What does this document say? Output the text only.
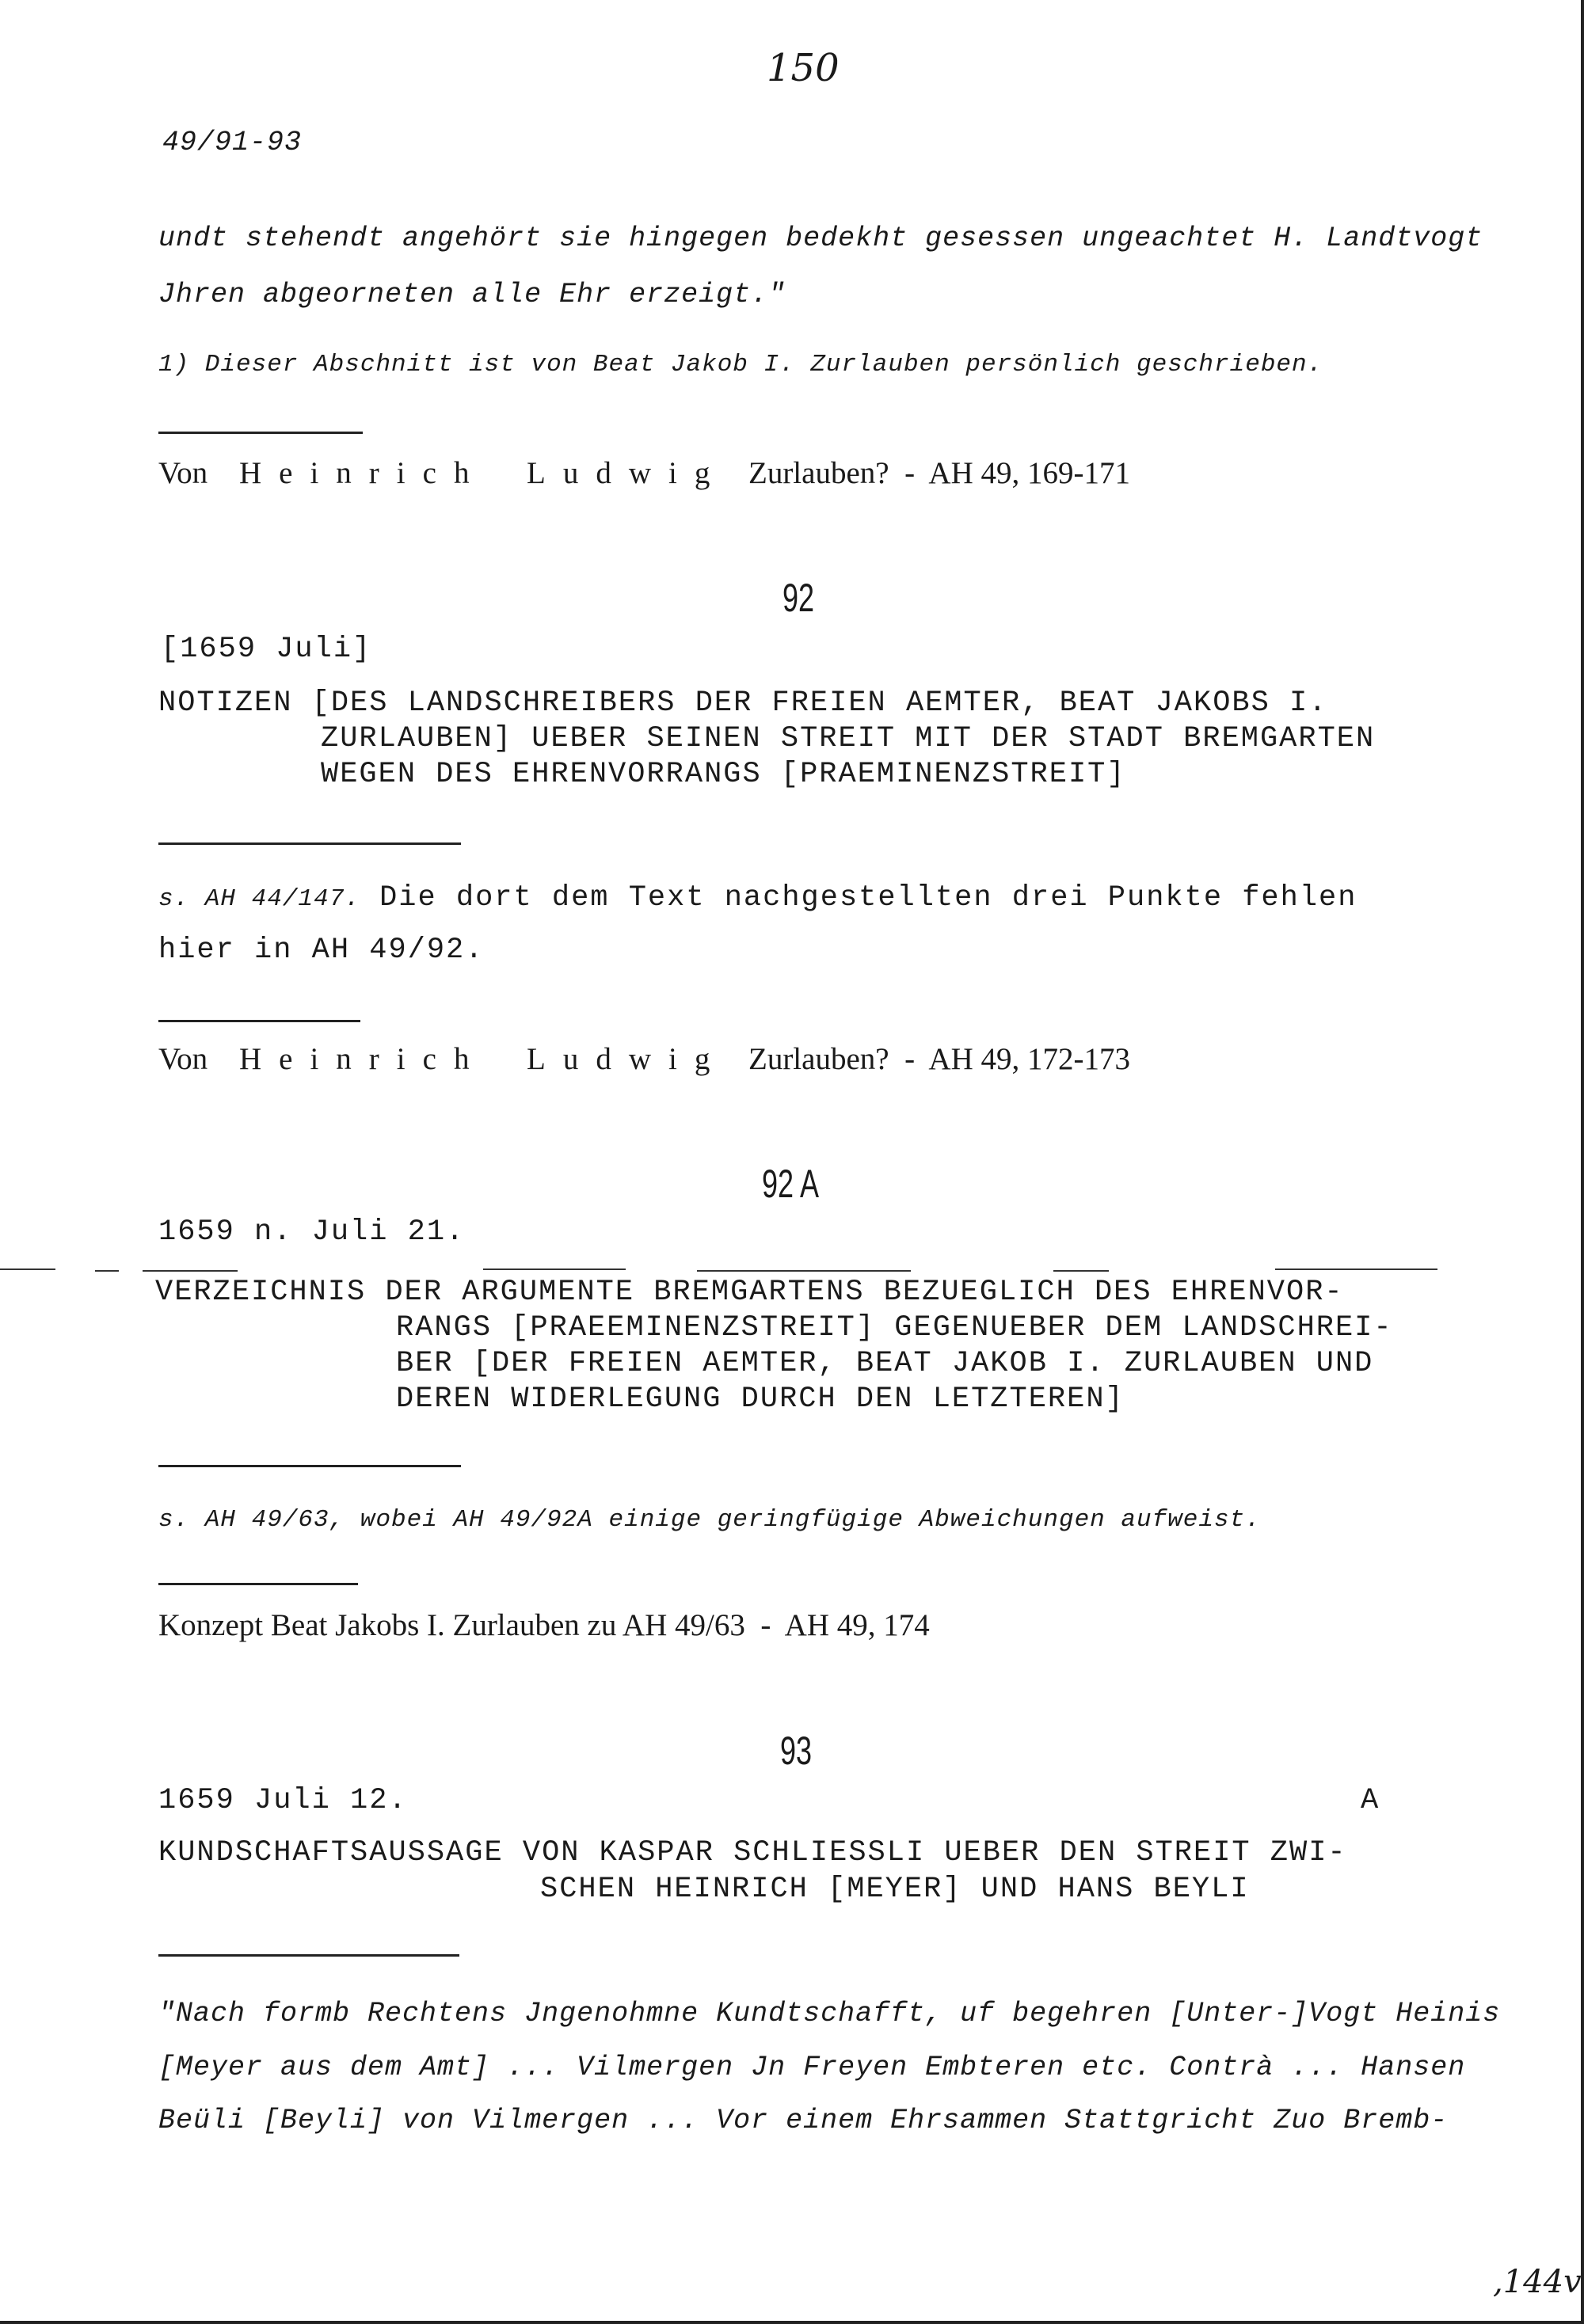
150
49/91-93
undt stehendt angehört sie hingegen bedekht gesessen ungeachtet H. Landtvogt
Jhren abgeorneten alle Ehr erzeigt."
1) Dieser Abschnitt ist von Beat Jakob I. Zurlauben persönlich geschrieben.
Von Heinrich Ludwig Zurlauben?  -  AH 49, 169-171
92
[1659 Juli]
NOTIZEN [DES LANDSCHREIBERS DER FREIEN AEMTER, BEAT JAKOBS I.
ZURLAUBEN] UEBER SEINEN STREIT MIT DER STADT BREMGARTEN
WEGEN DES EHRENVORRANGS [PRAEMINENZSTREIT]
s. AH 44/147. Die dort dem Text nachgestellten drei Punkte fehlen
hier in AH 49/92.
Von Heinrich Ludwig Zurlauben?  -  AH 49, 172-173
92 A
1659 n. Juli 21.
VERZEICHNIS DER ARGUMENTE BREMGARTENS BEZUEGLICH DES EHRENVOR-
RANGS [PRAEEMINENZSTREIT] GEGENUEBER DEM LANDSCHREI-
BER [DER FREIEN AEMTER, BEAT JAKOB I. ZURLAUBEN UND
DEREN WIDERLEGUNG DURCH DEN LETZTEREN]
s. AH 49/63, wobei AH 49/92A einige geringfügige Abweichungen aufweist.
Konzept Beat Jakobs I. Zurlauben zu AH 49/63  -  AH 49, 174
93
1659 Juli 12.	A
KUNDSCHAFTSAUSSAGE VON KASPAR SCHLIESSLI UEBER DEN STREIT ZWI-
SCHEN HEINRICH [MEYER] UND HANS BEYLI
"Nach formb Rechtens Jngenohmne Kundtschafft, uf begehren [Unter-]Vogt Heinis
[Meyer aus dem Amt] ... Vilmergen Jn Freyen Embteren etc. Contrà ... Hansen
Beüli [Beyli] von Vilmergen ... Vor einem Ehrsammen Stattgricht Zuo Bremb-
,144v
